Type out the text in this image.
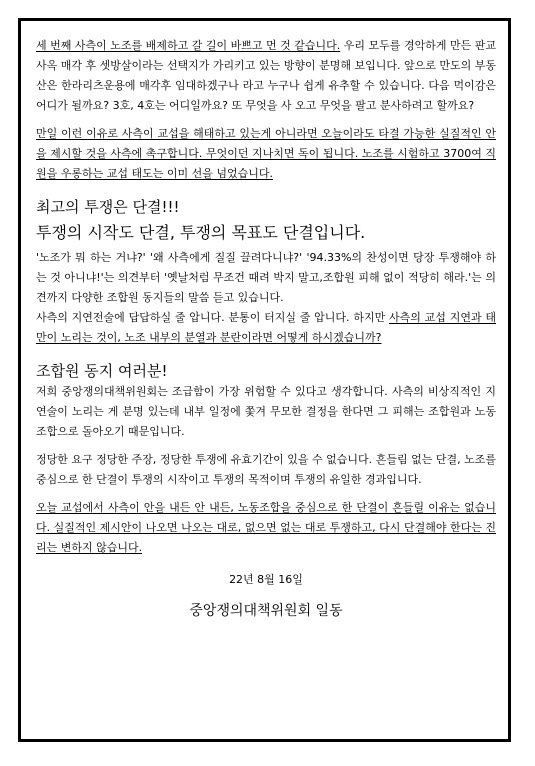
세 번째 사측이 노조를 배제하고 갈 길이 바쁘고 먼 것 같습니다. 우리 모두를 경악하게 만든 판교사옥 매각 후 셋방살이라는 선택지가 가리키고 있는 방향이 분명해 보입니다. 앞으로 만도의 부동산은 한라리츠운용에 매각후 임대하겠구나 라고 누구나 쉽게 유추할 수 있습니다. 다음 먹이감은 어디가 될까요? 3호, 4호는 어디일까요? 또 무엇을 사 오고 무엇을 팔고 분사하려고 할까요?

만일 이런 이유로 사측이 교섭을 해태하고 있는게 아니라면 오늘이라도 타결 가능한 실질적인 안을 제시할 것을 사측에 촉구합니다. 무엇이던 지나치면 독이 됩니다. 노조를 시험하고 3700여 직원을 우롱하는 교섭 태도는 이미 선을 넘었습니다.

최고의 투쟁은 단결!!!
투쟁의 시작도 단결, 투쟁의 목표도 단결입니다.

'노조가 뭐 하는 거냐?' '왜 사측에게 질질 끌려다니냐?' '94.33%의 찬성이면 당장 투쟁해야 하는 것 아니냐!'는 의견부터 '옛날처럼 무조건 때려 박지 말고,조합원 피해 없이 적당히 해라.'는 의견까지 다양한 조합원 동지들의 말씀 듣고 있습니다.

사측의 지연전술에 답답하실 줄 압니다. 분통이 터지실 줄 압니다. 하지만 사측의 교섭 지연과 태만이 노리는 것이, 노조 내부의 분열과 분란이라면 어떻게 하시겠습니까?

조합원 동지 여러분!

저희 중앙쟁의대책위원회는 조급함이 가장 위험할 수 있다고 생각합니다. 사측의 비상직적인 지연술이 노리는 게 분명 있는데 내부 일정에 쫓겨 무모한 결정을 한다면 그 피해는 조합원과 노동조합으로 돌아오기 때문입니다.

정당한 요구 정당한 주장, 정당한 투쟁에 유효기간이 있을 수 없습니다. 흔들림 없는 단결, 노조를 중심으로 한 단결이 투쟁의 시작이고 투쟁의 목적이며 투쟁의 유일한 경과입니다.

오늘 교섭에서 사측이 안을 내든 안 내든, 노동조합을 중심으로 한 단결이 흔들릴 이유는 없습니다. 실질적인 제시안이 나오면 나오는 대로, 없으면 없는 대로 투쟁하고, 다시 단결해야 한다는 진리는 변하지 않습니다.

22년 8월 16일
중앙쟁의대책위원회 일동
